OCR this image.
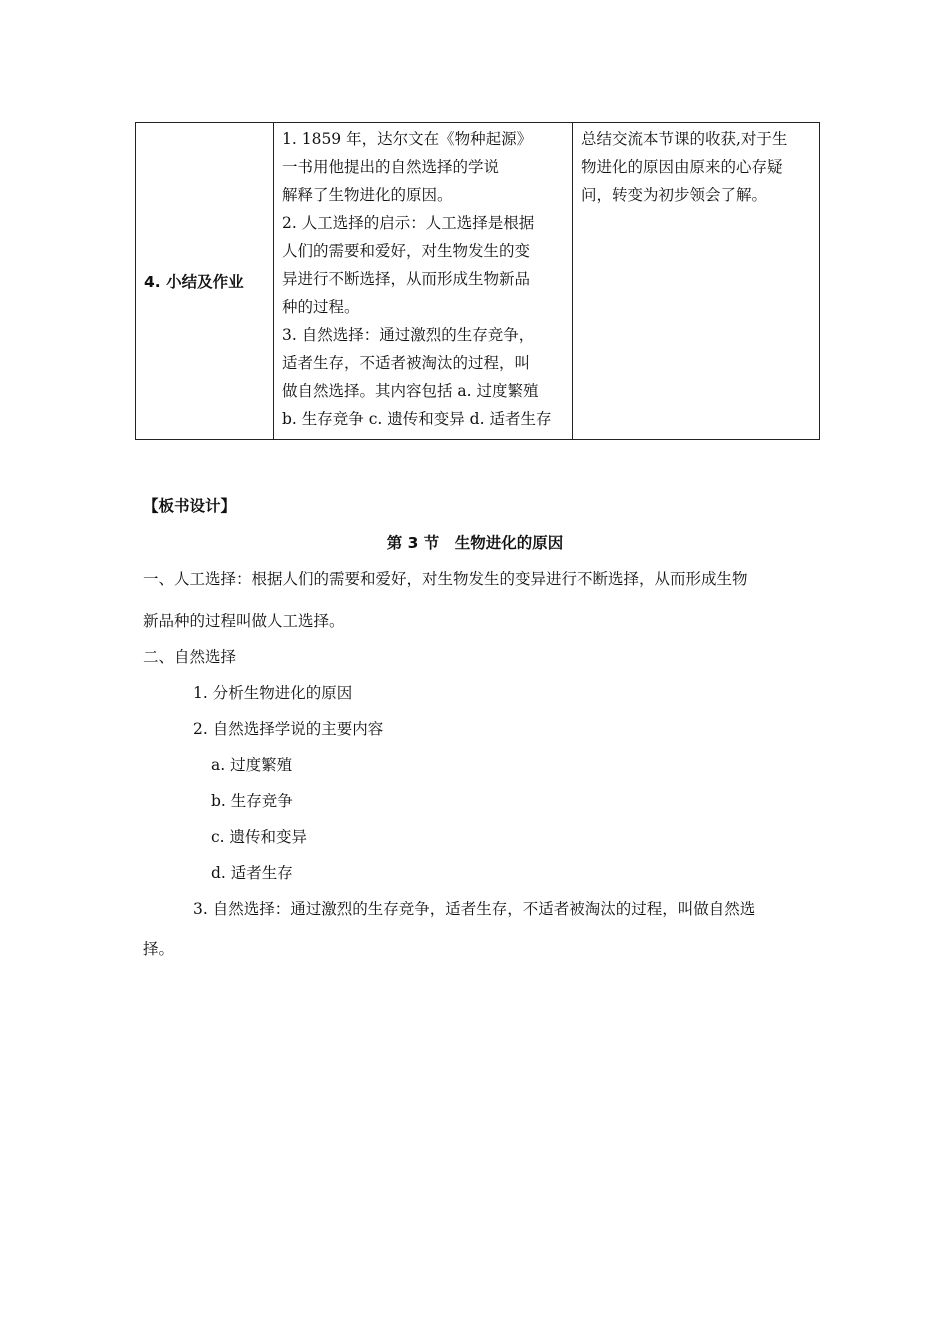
4. 小结及作业

1. 1859 年，达尔文在《物种起源》
一书用他提出的自然选择的学说
解释了生物进化的原因。
2. 人工选择的启示：人工选择是根据
人们的需要和爱好，对生物发生的变
异进行不断选择，从而形成生物新品
种的过程。
3. 自然选择：通过激烈的生存竞争，
适者生存，不适者被淘汰的过程，叫
做自然选择。其内容包括 a. 过度繁殖
b. 生存竞争 c. 遗传和变异 d. 适者生存

总结交流本节课的收获,对于生
物进化的原因由原来的心存疑
问，转变为初步领会了解。
【板书设计】
第 3 节　生物进化的原因
一、人工选择：根据人们的需要和爱好，对生物发生的变异进行不断选择，从而形成生物
新品种的过程叫做人工选择。
二、自然选择
1. 分析生物进化的原因
2. 自然选择学说的主要内容
a. 过度繁殖
b. 生存竞争
c. 遗传和变异
d. 适者生存
3. 自然选择：通过激烈的生存竞争，适者生存，不适者被淘汰的过程，叫做自然选
择。
